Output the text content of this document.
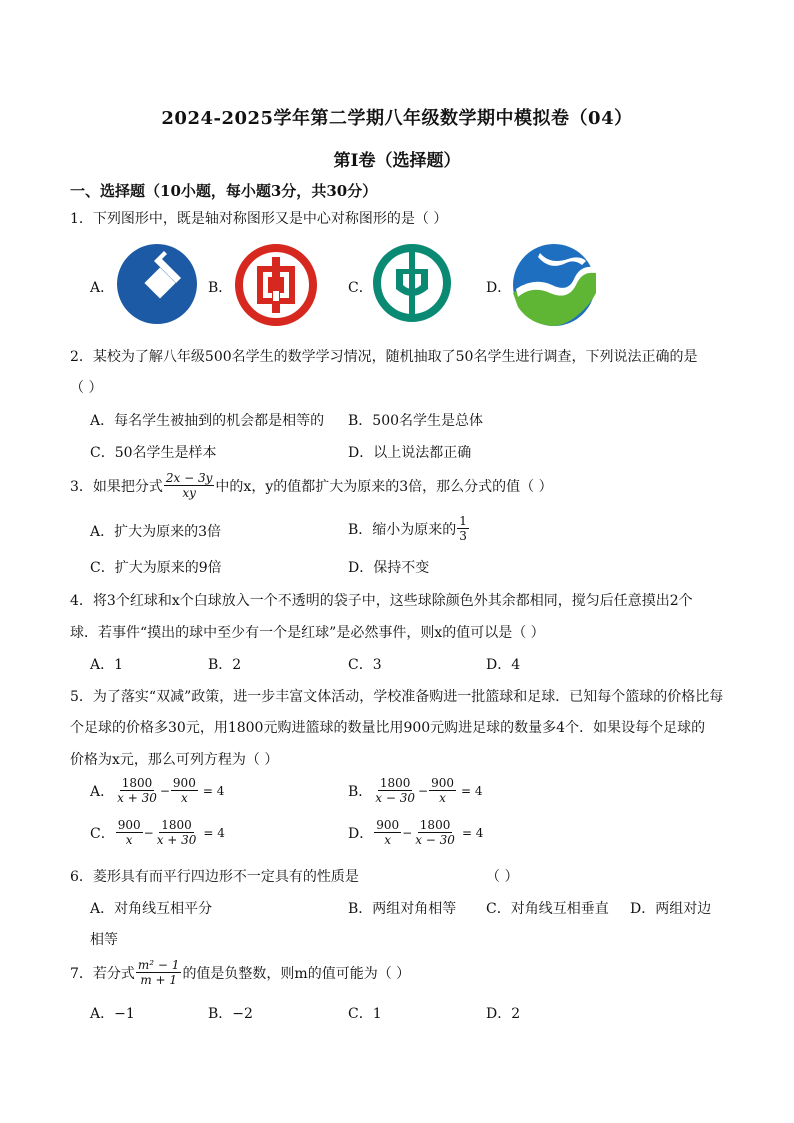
2024-2025学年第二学期八年级数学期中模拟卷（04）
第I卷（选择题）
一、选择题（10小题，每小题3分，共30分）
1．下列图形中，既是轴对称图形又是中心对称图形的是（ ）
A．	B．	C．	D．
2．某校为了解八年级500名学生的数学学习情况，随机抽取了50名学生进行调查，下列说法正确的是
（ ）
A．每名学生被抽到的机会都是相等的 B．500名学生是总体
C．50名学生是样本	D．以上说法都正确
3．如果把分式 $\frac{2x - 3y}{xy}$ 中的x，y的值都扩大为原来的3倍，那么分式的值（ ）
A．扩大为原来的3倍	B．缩小为原来的 $\frac{1}{3}$
C．扩大为原来的9倍	D．保持不变
4．将3个红球和x个白球放入一个不透明的袋子中，这些球除颜色外其余都相同，搅匀后任意摸出2个
球．若事件“摸出的球中至少有一个是红球”是必然事件，则x的值可以是（ ）
A．1	B．2	C．3	D．4
5．为了落实“双减”政策，进一步丰富文体活动，学校准备购进一批篮球和足球．已知每个篮球的价格比每
个足球的价格多30元，用1800元购进篮球的数量比用900元购进足球的数量多4个．如果设每个足球的
价格为x元，那么可列方程为（ ）
A． $\frac{1800}{x + 30} - \frac{900}{x} = 4$	B． $\frac{1800}{x - 30} - \frac{900}{x} = 4$
C． $\frac{900}{x} - \frac{1800}{x + 30} = 4$	D． $\frac{900}{x} - \frac{1800}{x - 30} = 4$
6．菱形具有而平行四边形不一定具有的性质是	（ ）
A．对角线互相平分	B．两组对角相等 C．对角线互相垂直 D．两组对边
相等
7．若分式 $\frac{\text{m² − 1}}{m + 1}$ 的值是负整数，则m的值可能为（ ）
A．−1	B．−2	C．1	D．2
